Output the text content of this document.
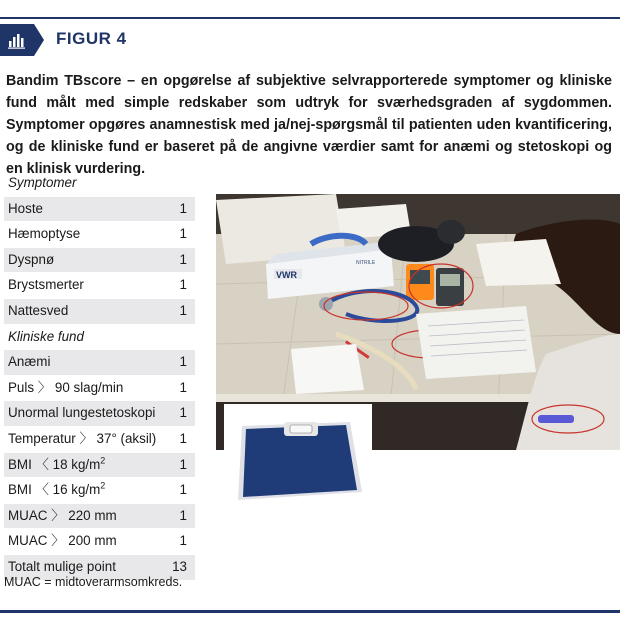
FIGUR 4
Bandim TBscore – en opgørelse af subjektive selvrapporterede symptomer og kliniske fund målt med simple redskaber som udtryk for sværhedsgraden af sygdommen. Symptomer opgøres anamnestisk med ja/nej-spørgsmål til patienten uden kvantificering, og de kliniske fund er baseret på de angivne værdier samt for anæmi og stetoskopi og en klinisk vurdering.
Symptomer
Hoste	1
Hæmoptyse	1
Dyspnø	1
Brystsmerter	1
Nattesved	1
Kliniske fund
Anæmi	1
Puls 〉 90 slag/min	1
Unormal lungestetoskopi 1
Temperatur 〉 37° (aksil) 1
BMI 〈 18 $kg/m^2$	1
BMI 〈 16 $kg/m^2$	1
MUAC 〉 220 mm	1
MUAC 〉 200 mm	1
Totalt mulige point	13
MUAC = midtoverarmsomkreds.
VWR
NITRILE
